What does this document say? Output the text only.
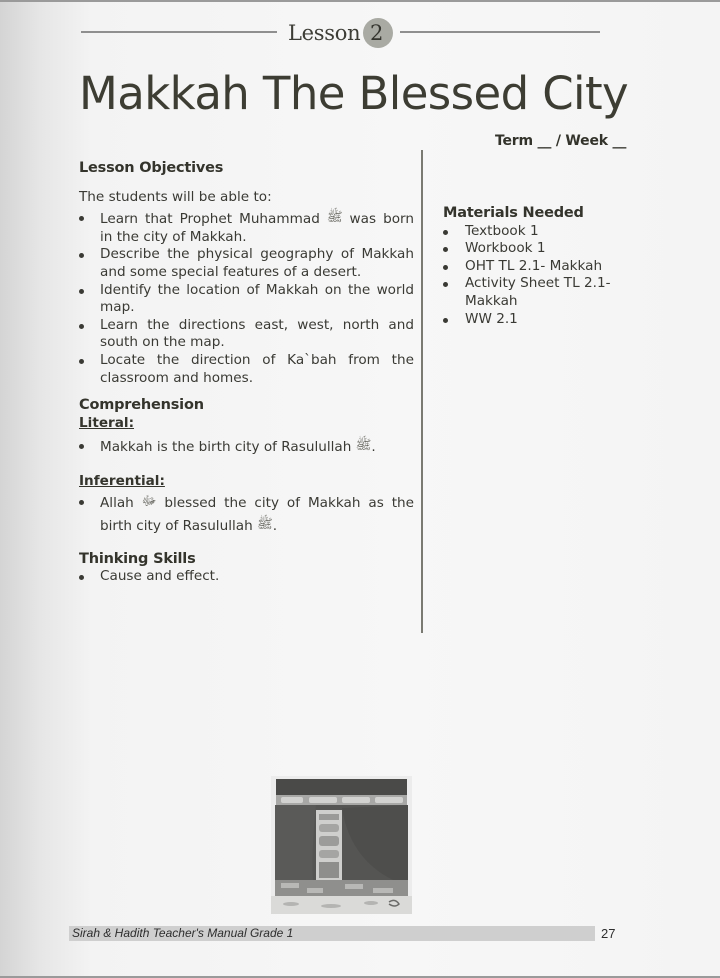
Lesson 2
Makkah The Blessed City
Term __ / Week __
Lesson Objectives

The students will be able to:

Learn that Prophet Muhammad ﷺ was born in the city of Makkah.
Describe the physical geography of Makkah and some special features of a desert.
Identify the location of Makkah on the world map.
Learn the directions east, west, north and south on the map.
Locate the direction of Ka`bah from the classroom and homes.
Comprehension

Literal:

Makkah is the birth city of Rasulullah ﷺ.

Inferential:

Allah ﷻ blessed the city of Makkah as the birth city of Rasulullah ﷺ.
Thinking Skills
Cause and effect.
Materials Needed
Textbook 1
Workbook 1
OHT TL 2.1- Makkah
Activity Sheet TL 2.1- Makkah
WW 2.1
Sirah & Hadith Teacher's Manual Grade 1	27
